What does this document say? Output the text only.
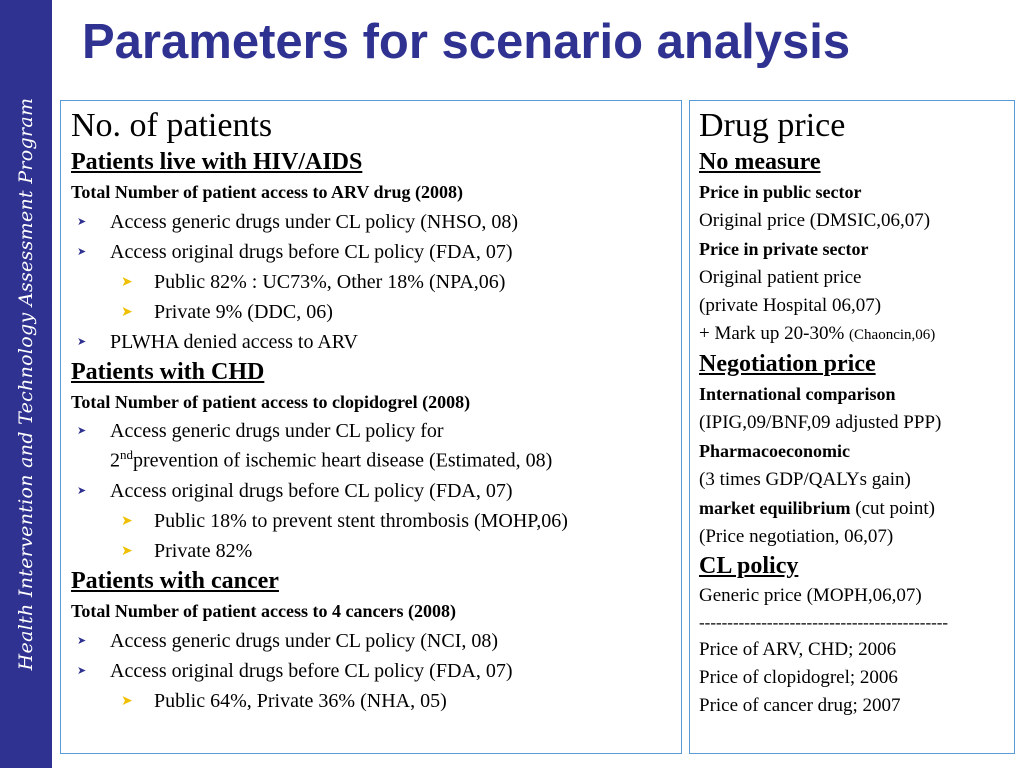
Health Intervention and Technology Assessment Program
Parameters for scenario analysis
No. of patients
Patients live with HIV/AIDS
Total Number of patient access to ARV drug (2008)
➤ Access generic drugs under CL policy (NHSO, 08)
➤ Access original drugs before CL policy (FDA, 07)
➤ Public 82% : UC73%, Other 18% (NPA,06)
➤ Private 9% (DDC, 06)
➤ PLWHA denied access to ARV
Patients with CHD
Total Number of patient access to clopidogrel (2008)
➤ Access generic drugs under CL policy for
2ndprevention of ischemic heart disease (Estimated, 08)
➤ Access original drugs before CL policy (FDA, 07)
➤ Public 18% to prevent stent thrombosis (MOHP,06)
➤ Private 82%
Patients with cancer
Total Number of patient access to 4 cancers (2008)
➤ Access generic drugs under CL policy (NCI, 08)
➤ Access original drugs before CL policy (FDA, 07)
➤ Public 64%, Private 36% (NHA, 05)
Drug price
No measure
Price in public sector
Original price (DMSIC,06,07)
Price in private sector
Original patient price
(private Hospital 06,07)
+ Mark up 20-30% (Chaoncin,06)
Negotiation price
International comparison
(IPIG,09/BNF,09 adjusted PPP)
Pharmacoeconomic
(3 times GDP/QALYs gain)
market equilibrium (cut point)
(Price negotiation, 06,07)
CL policy
Generic price (MOPH,06,07)
--------------------------------------------
Price of ARV, CHD; 2006
Price of clopidogrel; 2006
Price of cancer drug; 2007
